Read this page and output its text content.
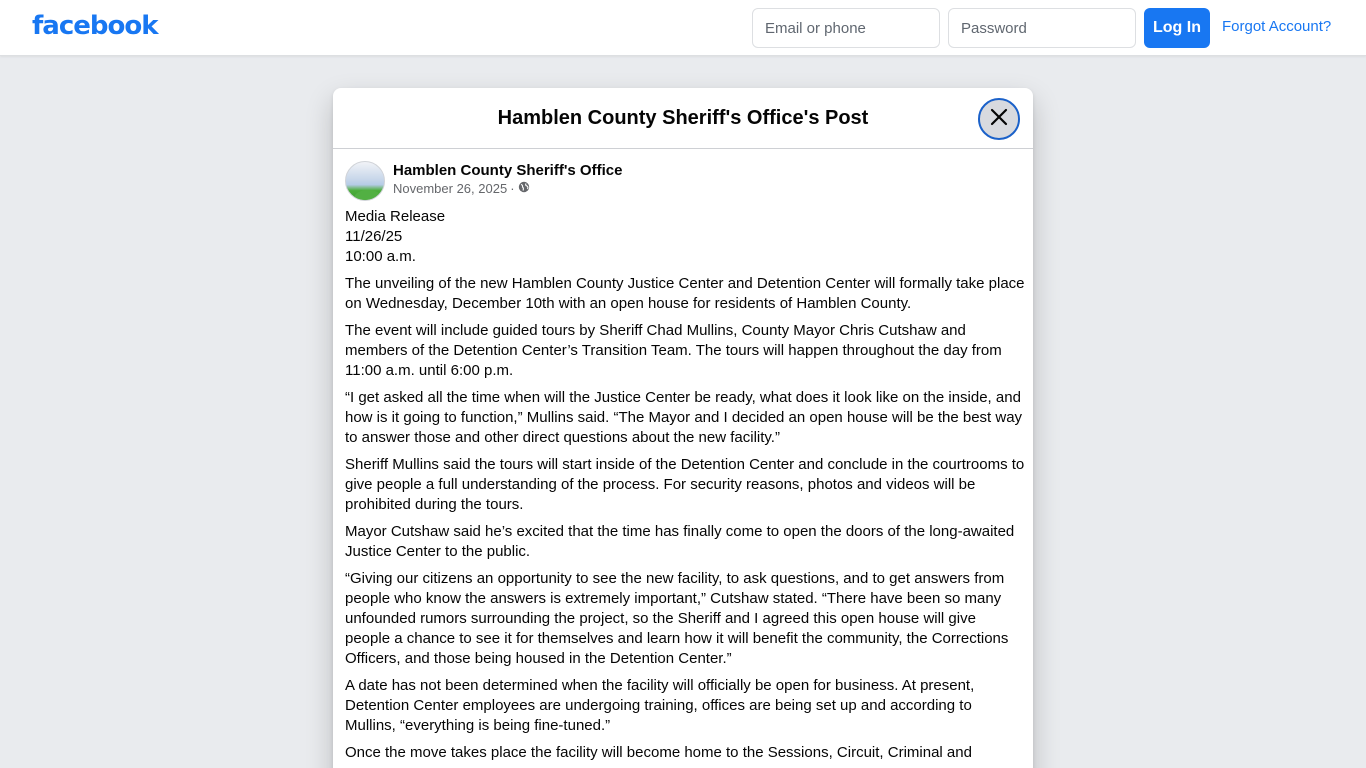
facebook
Email or phone	Log In	Forgot Account?
Hamblen County Sheriff's Office's Post
Hamblen County Sheriff's Office
November 26, 2025 ·

Media Release
11/26/25
10:00 a.m.

The unveiling of the new Hamblen County Justice Center and Detention Center will formally take place on Wednesday, December 10th with an open house for residents of Hamblen County.

The event will include guided tours by Sheriff Chad Mullins, County Mayor Chris Cutshaw and members of the Detention Center’s Transition Team. The tours will happen throughout the day from 11:00 a.m. until 6:00 p.m.

“I get asked all the time when will the Justice Center be ready, what does it look like on the inside, and how is it going to function,” Mullins said. “The Mayor and I decided an open house will be the best way to answer those and other direct questions about the new facility.”

Sheriff Mullins said the tours will start inside of the Detention Center and conclude in the courtrooms to give people a full understanding of the process. For security reasons, photos and videos will be prohibited during the tours.

Mayor Cutshaw said he’s excited that the time has finally come to open the doors of the long-awaited Justice Center to the public.

“Giving our citizens an opportunity to see the new facility, to ask questions, and to get answers from people who know the answers is extremely important,” Cutshaw stated. “There have been so many unfounded rumors surrounding the project, so the Sheriff and I agreed this open house will give people a chance to see it for themselves and learn how it will benefit the community, the Corrections Officers, and those being housed in the Detention Center.”

A date has not been determined when the facility will officially be open for business. At present, Detention Center employees are undergoing training, offices are being set up and according to Mullins, “everything is being fine-tuned.”

Once the move takes place the facility will become home to the Sessions, Circuit, Criminal and
